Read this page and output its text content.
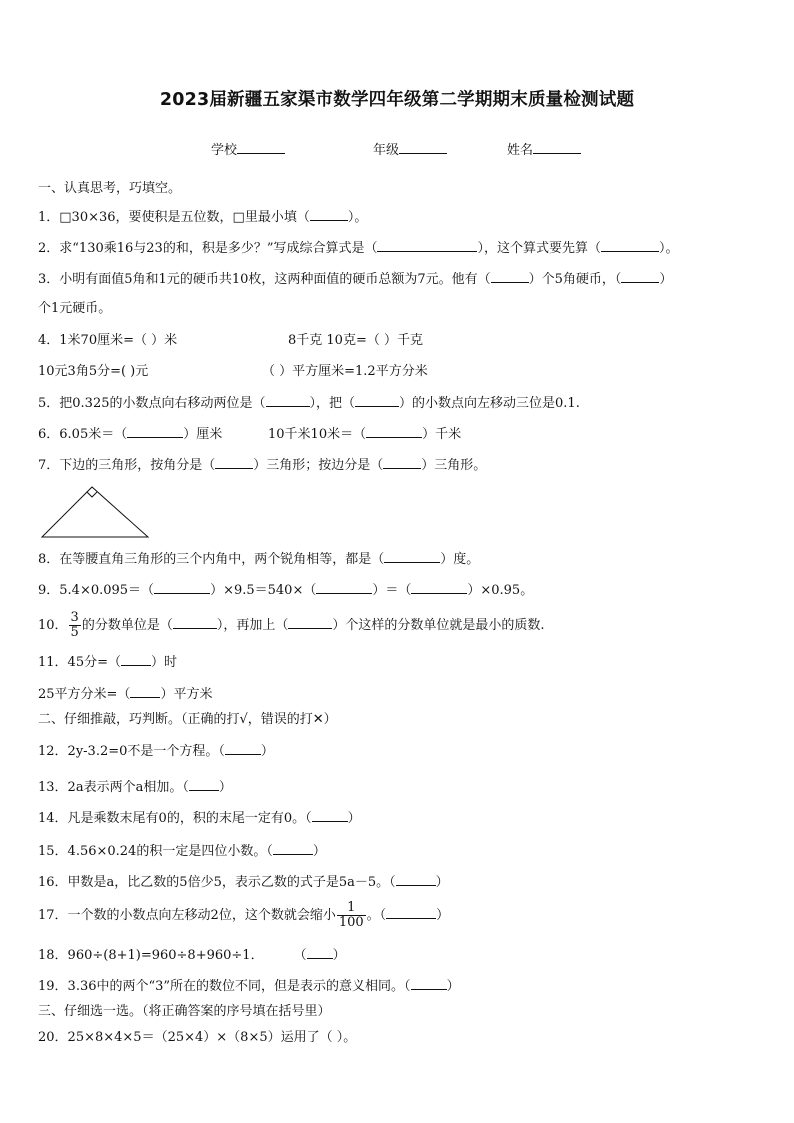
2023届新疆五家渠市数学四年级第二学期期末质量检测试题
学校	年级	姓名
一、认真思考，巧填空。
1．□30×36，要使积是五位数，□里最小填（	）。
2．求“130乘16与23的和，积是多少？”写成综合算式是（	），这个算式要先算（	）。
3．小明有面值5角和1元的硬币共10枚，这两种面值的硬币总额为7元。他有（	）个5角硬币，（	）
个1元硬币。
4．1米70厘米=（ ）米	8千克 10克=（ ）千克
10元3角5分=( )元	（ ）平方厘米=1.2平方分米
5．把0.325的小数点向右移动两位是（	），把（	）的小数点向左移动三位是0.1.
6．6.05米＝（	）厘米	10千米10米＝（	）千米
7．下边的三角形，按角分是（	）三角形；按边分是（	）三角形。
8．在等腰直角三角形的三个内角中，两个锐角相等，都是（	）度。
9．5.4×0.095＝（	）×9.5＝540×（	）＝（	）×0.95。
10． $\frac{3}{5}$ 的分数单位是（	），再加上（	）个这样的分数单位就是最小的质数.
11．45分=（ ）时
25平方分米=（ ）平方米
二、仔细推敲，巧判断。（正确的打√，错误的打✕）
12．2y-3.2=0不是一个方程。（	）
13．2a表示两个a相加。（ ）
14．凡是乘数末尾有0的，积的末尾一定有0。（	）
15．4.56×0.24的积一定是四位小数。（	）
16．甲数是a，比乙数的5倍少5，表示乙数的式子是5a－5。（	）
17．一个数的小数点向左移动2位，这个数就会缩小 $\frac{1}{100}$ 。（	）
18．960÷(8+1)=960÷8+960÷1． （ ）
19．3.36中的两个“3”所在的数位不同，但是表示的意义相同。（	）
三、仔细选一选。（将正确答案的序号填在括号里）
20．25×8×4×5＝（25×4）×（8×5）运用了（ ）。
